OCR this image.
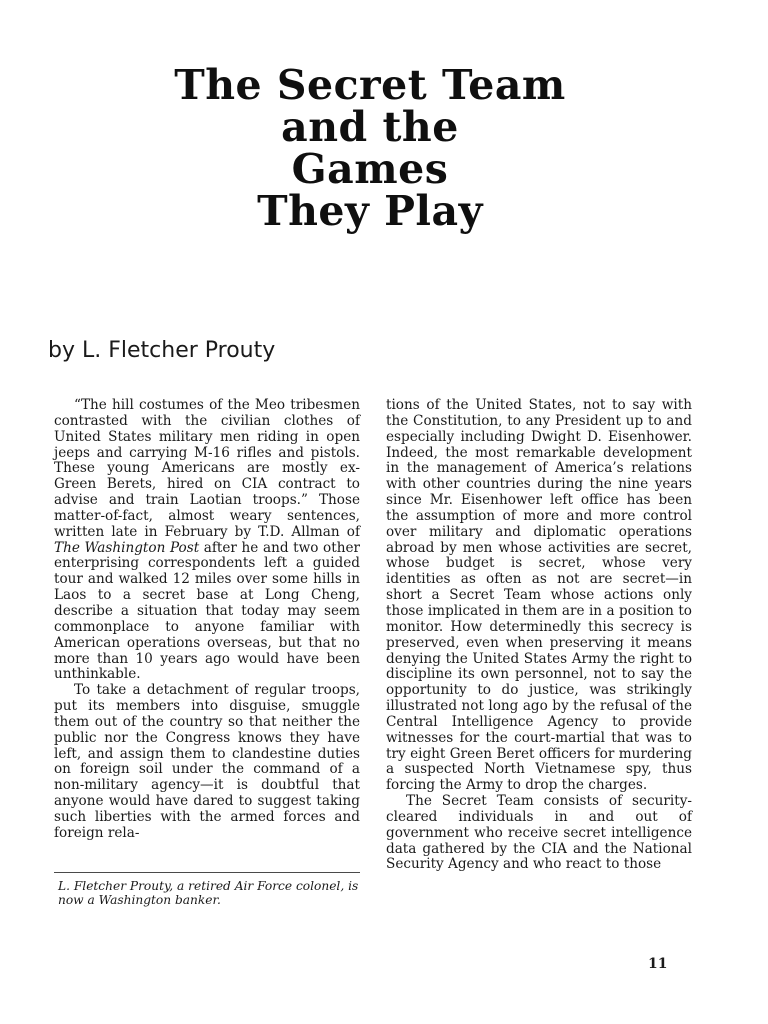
The Secret Team
and the
Games
They Play
by L. Fletcher Prouty

“The hill costumes of the Meo tribesmen contrasted with the civilian clothes of United States military men riding in open jeeps and carrying M-16 rifles and pistols. These young Americans are mostly ex-Green Berets, hired on CIA contract to advise and train Laotian troops.” Those matter-of-fact, almost weary sentences, written late in February by T.D. Allman of The Washington Post after he and two other enterprising correspondents left a guided tour and walked 12 miles over some hills in Laos to a secret base at Long Cheng, describe a situation that today may seem commonplace to anyone familiar with American operations overseas, but that no more than 10 years ago would have been unthinkable.

To take a detachment of regular troops, put its members into disguise, smuggle them out of the country so that neither the public nor the Congress knows they have left, and assign them to clandestine duties on foreign soil under the command of a non-military agency—it is doubtful that anyone would have dared to suggest taking such liberties with the armed forces and foreign rela-

tions of the United States, not to say with the Constitution, to any President up to and especially including Dwight D. Eisenhower. Indeed, the most remarkable development in the management of America’s relations with other countries during the nine years since Mr. Eisenhower left office has been the assumption of more and more control over military and diplomatic operations abroad by men whose activities are secret, whose budget is secret, whose very identities as often as not are secret—in short a Secret Team whose actions only those implicated in them are in a position to monitor. How determinedly this secrecy is preserved, even when preserving it means denying the United States Army the right to discipline its own personnel, not to say the opportunity to do justice, was strikingly illustrated not long ago by the refusal of the Central Intelligence Agency to provide witnesses for the court-martial that was to try eight Green Beret officers for murdering a suspected North Vietnamese spy, thus forcing the Army to drop the charges.

The Secret Team consists of security-cleared individuals in and out of government who receive secret intelligence data gathered by the CIA and the National Security Agency and who react to those

L. Fletcher Prouty, a retired Air Force colonel, is now a Washington banker.
11
